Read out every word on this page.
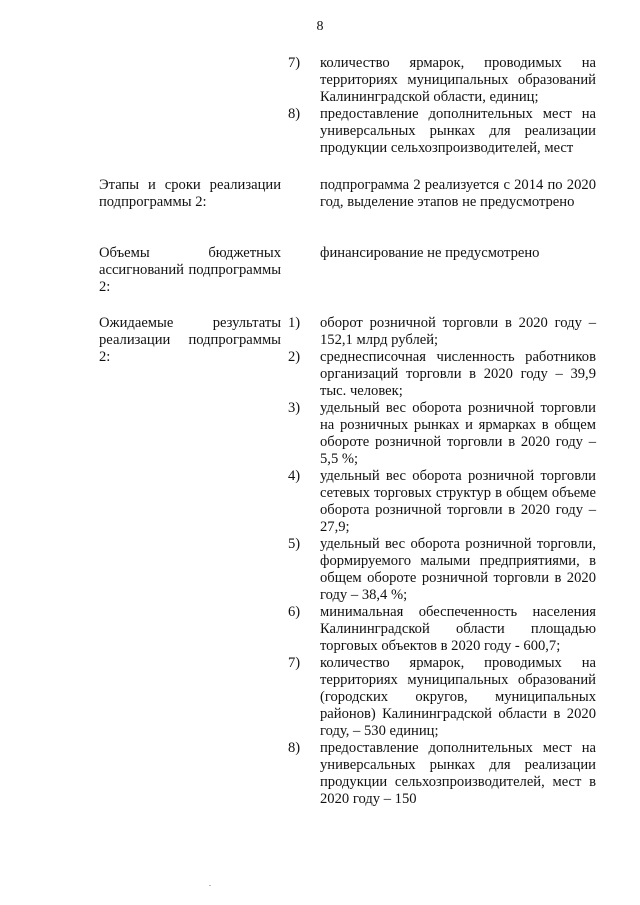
8
7)	количество ярмарок, проводимых на территориях муниципальных образований Калининградской области, единиц;
8)	предоставление дополнительных мест на универсальных рынках для реализации продукции сельхозпроизводителей, мест
Этапы и сроки реализации подпрограммы 2:
подпрограмма 2 реализуется с 2014 по 2020 год, выделение этапов не предусмотрено
Объемы бюджетных ассигнований подпрограммы 2:
финансирование не предусмотрено
Ожидаемые результаты реализации подпрограммы 2:
1)	оборот розничной торговли в 2020 году – 152,1 млрд рублей;
2)	среднесписочная численность работников организаций торговли в 2020 году – 39,9 тыс. человек;
3)	удельный вес оборота розничной торговли на розничных рынках и ярмарках в общем обороте розничной торговли в 2020 году – 5,5 %;
4)	удельный вес оборота розничной торговли сетевых торговых структур в общем объеме оборота розничной торговли в 2020 году – 27,9;
5)	удельный вес оборота розничной торговли, формируемого малыми предприятиями, в общем обороте розничной торговли в 2020 году – 38,4 %;
6)	минимальная обеспеченность населения Калининградской области площадью торговых объектов в 2020 году - 600,7;
7)	количество ярмарок, проводимых на территориях муниципальных образований (городских округов, муниципальных районов) Калининградской области в 2020 году, – 530 единиц;
8)	предоставление дополнительных мест на универсальных рынках для реализации продукции сельхозпроизводителей, мест в 2020 году – 150
